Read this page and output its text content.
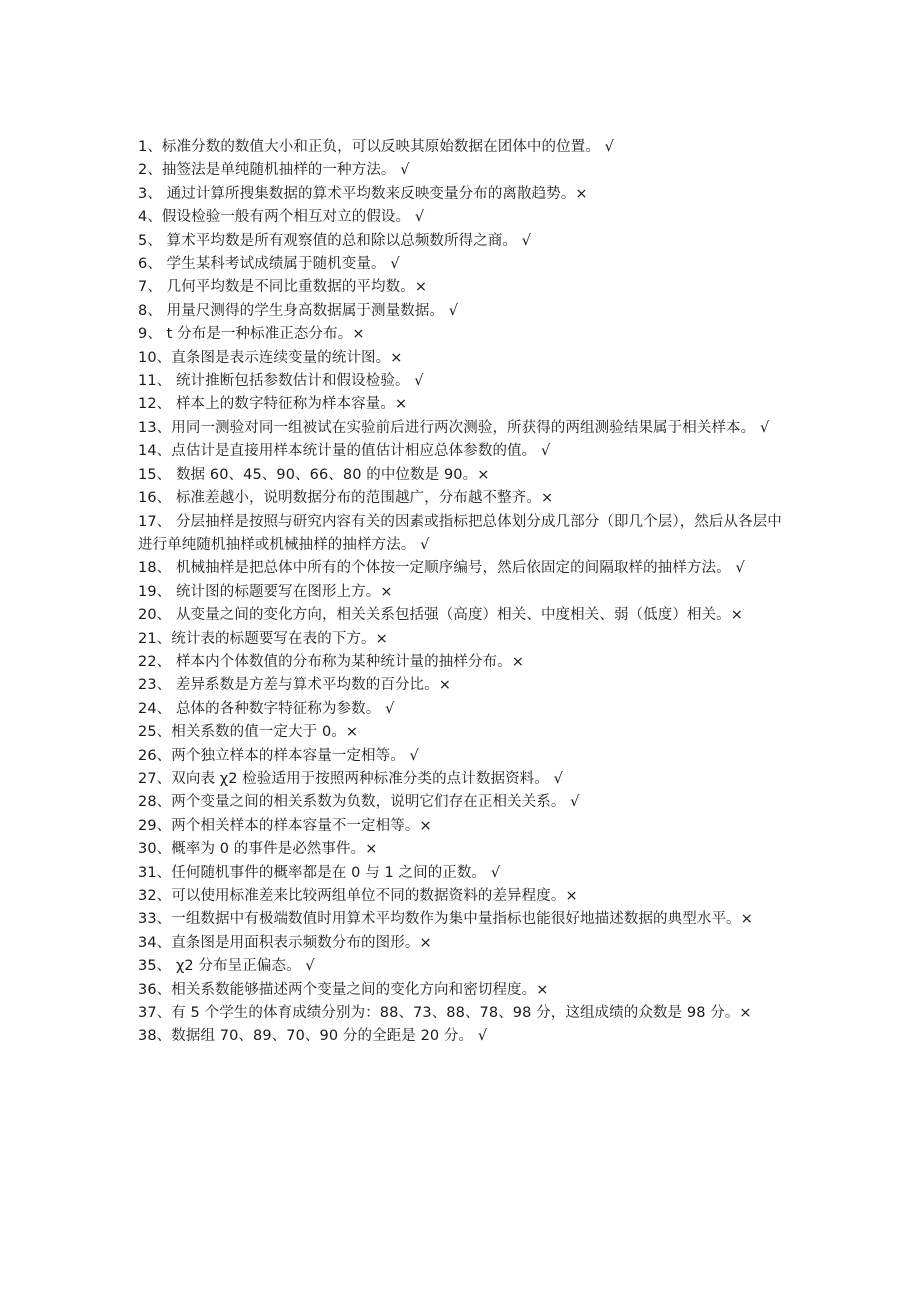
1、标准分数的数值大小和正负，可以反映其原始数据在团体中的位置。 √
2、抽签法是单纯随机抽样的一种方法。 √
3、 通过计算所搜集数据的算术平均数来反映变量分布的离散趋势。×
4、假设检验一般有两个相互对立的假设。 √
5、 算术平均数是所有观察值的总和除以总频数所得之商。 √
6、 学生某科考试成绩属于随机变量。 √
7、 几何平均数是不同比重数据的平均数。×
8、 用量尺测得的学生身高数据属于测量数据。 √
9、 t 分布是一种标准正态分布。×
10、直条图是表示连续变量的统计图。×
11、 统计推断包括参数估计和假设检验。 √
12、 样本上的数字特征称为样本容量。×
13、用同一测验对同一组被试在实验前后进行两次测验，所获得的两组测验结果属于相关样本。 √
14、点估计是直接用样本统计量的值估计相应总体参数的值。 √
15、 数据 60、45、90、66、80 的中位数是 90。×
16、 标准差越小，说明数据分布的范围越广，分布越不整齐。×
17、 分层抽样是按照与研究内容有关的因素或指标把总体划分成几部分（即几个层），然后从各层中进行单纯随机抽样或机械抽样的抽样方法。 √
18、 机械抽样是把总体中所有的个体按一定顺序编号，然后依固定的间隔取样的抽样方法。 √
19、 统计图的标题要写在图形上方。×
20、 从变量之间的变化方向，相关关系包括强（高度）相关、中度相关、弱（低度）相关。×
21、统计表的标题要写在表的下方。×
22、 样本内个体数值的分布称为某种统计量的抽样分布。×
23、 差异系数是方差与算术平均数的百分比。×
24、 总体的各种数字特征称为参数。 √
25、相关系数的值一定大于 0。×
26、两个独立样本的样本容量一定相等。 √
27、双向表 χ2 检验适用于按照两种标准分类的点计数据资料。 √
28、两个变量之间的相关系数为负数，说明它们存在正相关关系。 √
29、两个相关样本的样本容量不一定相等。×
30、概率为 0 的事件是必然事件。×
31、任何随机事件的概率都是在 0 与 1 之间的正数。 √
32、可以使用标准差来比较两组单位不同的数据资料的差异程度。×
33、一组数据中有极端数值时用算术平均数作为集中量指标也能很好地描述数据的典型水平。×
34、直条图是用面积表示频数分布的图形。×
35、 χ2 分布呈正偏态。 √
36、相关系数能够描述两个变量之间的变化方向和密切程度。×
37、有 5 个学生的体育成绩分别为：88、73、88、78、98 分，这组成绩的众数是 98 分。×
38、数据组 70、89、70、90 分的全距是 20 分。 √
